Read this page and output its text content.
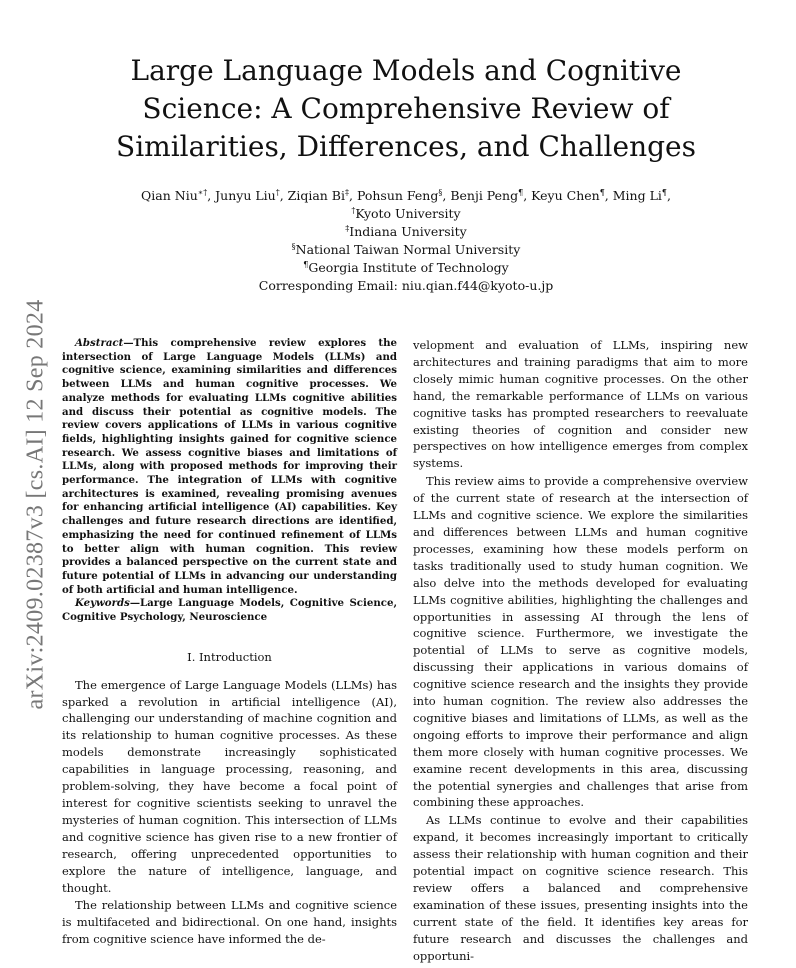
arXiv:2409.02387v3 [cs.AI] 12 Sep 2024
Large Language Models and Cognitive Science: A Comprehensive Review of Similarities, Differences, and Challenges
Qian Niu∗†, Junyu Liu†, Ziqian Bi‡, Pohsun Feng§, Benji Peng¶, Keyu Chen¶, Ming Li¶,
†Kyoto University
‡Indiana University
§National Taiwan Normal University
¶Georgia Institute of Technology
Corresponding Email: niu.qian.f44@kyoto-u.jp

Abstract—This comprehensive review explores the intersection of Large Language Models (LLMs) and cognitive science, examining similarities and differences between LLMs and human cognitive processes. We analyze methods for evaluating LLMs cognitive abilities and discuss their potential as cognitive models. The review covers applications of LLMs in various cognitive fields, highlighting insights gained for cognitive science research. We assess cognitive biases and limitations of LLMs, along with proposed methods for improving their performance. The integration of LLMs with cognitive architectures is examined, revealing promising avenues for enhancing artificial intelligence (AI) capabilities. Key challenges and future research directions are identified, emphasizing the need for continued refinement of LLMs to better align with human cognition. This review provides a balanced perspective on the current state and future potential of LLMs in advancing our understanding of both artificial and human intelligence.

Keywords—Large Language Models, Cognitive Science, Cognitive Psychology, Neuroscience

I. Introduction

The emergence of Large Language Models (LLMs) has sparked a revolution in artificial intelligence (AI), challenging our understanding of machine cognition and its relationship to human cognitive processes. As these models demonstrate increasingly sophisticated capabilities in language processing, reasoning, and problem-solving, they have become a focal point of interest for cognitive scientists seeking to unravel the mysteries of human cognition. This intersection of LLMs and cognitive science has given rise to a new frontier of research, offering unprecedented opportunities to explore the nature of intelligence, language, and thought.

The relationship between LLMs and cognitive science is multifaceted and bidirectional. On one hand, insights from cognitive science have informed the de-

velopment and evaluation of LLMs, inspiring new architectures and training paradigms that aim to more closely mimic human cognitive processes. On the other hand, the remarkable performance of LLMs on various cognitive tasks has prompted researchers to reevaluate existing theories of cognition and consider new perspectives on how intelligence emerges from complex systems.

This review aims to provide a comprehensive overview of the current state of research at the intersection of LLMs and cognitive science. We explore the similarities and differences between LLMs and human cognitive processes, examining how these models perform on tasks traditionally used to study human cognition. We also delve into the methods developed for evaluating LLMs cognitive abilities, highlighting the challenges and opportunities in assessing AI through the lens of cognitive science. Furthermore, we investigate the potential of LLMs to serve as cognitive models, discussing their applications in various domains of cognitive science research and the insights they provide into human cognition. The review also addresses the cognitive biases and limitations of LLMs, as well as the ongoing efforts to improve their performance and align them more closely with human cognitive processes. We examine recent developments in this area, discussing the potential synergies and challenges that arise from combining these approaches.

As LLMs continue to evolve and their capabilities expand, it becomes increasingly important to critically assess their relationship with human cognition and their potential impact on cognitive science research. This review offers a balanced and comprehensive examination of these issues, presenting insights into the current state of the field. It identifies key areas for future research and discusses the challenges and opportuni-
